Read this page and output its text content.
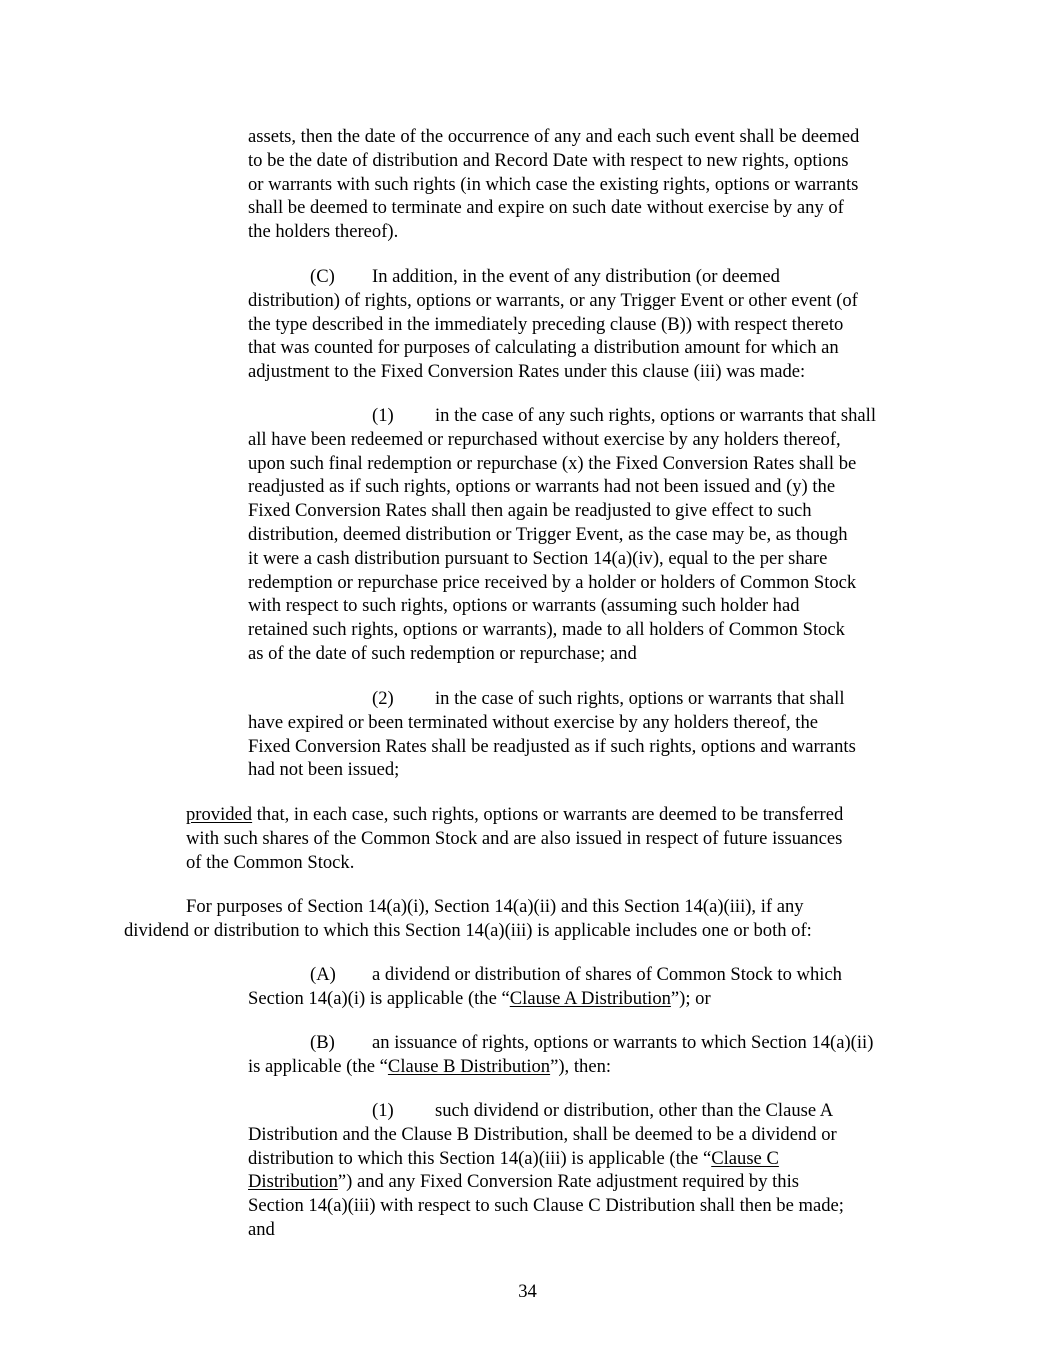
assets, then the date of the occurrence of any and each such event shall be deemed
to be the date of distribution and Record Date with respect to new rights, options
or warrants with such rights (in which case the existing rights, options or warrants
shall be deemed to terminate and expire on such date without exercise by any of
the holders thereof).
(C) In addition, in the event of any distribution (or deemed
distribution) of rights, options or warrants, or any Trigger Event or other event (of
the type described in the immediately preceding clause (B)) with respect thereto
that was counted for purposes of calculating a distribution amount for which an
adjustment to the Fixed Conversion Rates under this clause (iii) was made:
(1) in the case of any such rights, options or warrants that shall
all have been redeemed or repurchased without exercise by any holders thereof,
upon such final redemption or repurchase (x) the Fixed Conversion Rates shall be
readjusted as if such rights, options or warrants had not been issued and (y) the
Fixed Conversion Rates shall then again be readjusted to give effect to such
distribution, deemed distribution or Trigger Event, as the case may be, as though
it were a cash distribution pursuant to Section 14(a)(iv), equal to the per share
redemption or repurchase price received by a holder or holders of Common Stock
with respect to such rights, options or warrants (assuming such holder had
retained such rights, options or warrants), made to all holders of Common Stock
as of the date of such redemption or repurchase; and
(2) in the case of such rights, options or warrants that shall
have expired or been terminated without exercise by any holders thereof, the
Fixed Conversion Rates shall be readjusted as if such rights, options and warrants
had not been issued;
provided that, in each case, such rights, options or warrants are deemed to be transferred
with such shares of the Common Stock and are also issued in respect of future issuances
of the Common Stock.
For purposes of Section 14(a)(i), Section 14(a)(ii) and this Section 14(a)(iii), if any
dividend or distribution to which this Section 14(a)(iii) is applicable includes one or both of:
(A) a dividend or distribution of shares of Common Stock to which
Section 14(a)(i) is applicable (the “Clause A Distribution”); or
(B) an issuance of rights, options or warrants to which Section 14(a)(ii)
is applicable (the “Clause B Distribution”), then:
(1) such dividend or distribution, other than the Clause A
Distribution and the Clause B Distribution, shall be deemed to be a dividend or
distribution to which this Section 14(a)(iii) is applicable (the “Clause C
Distribution”) and any Fixed Conversion Rate adjustment required by this
Section 14(a)(iii) with respect to such Clause C Distribution shall then be made;
and
34
